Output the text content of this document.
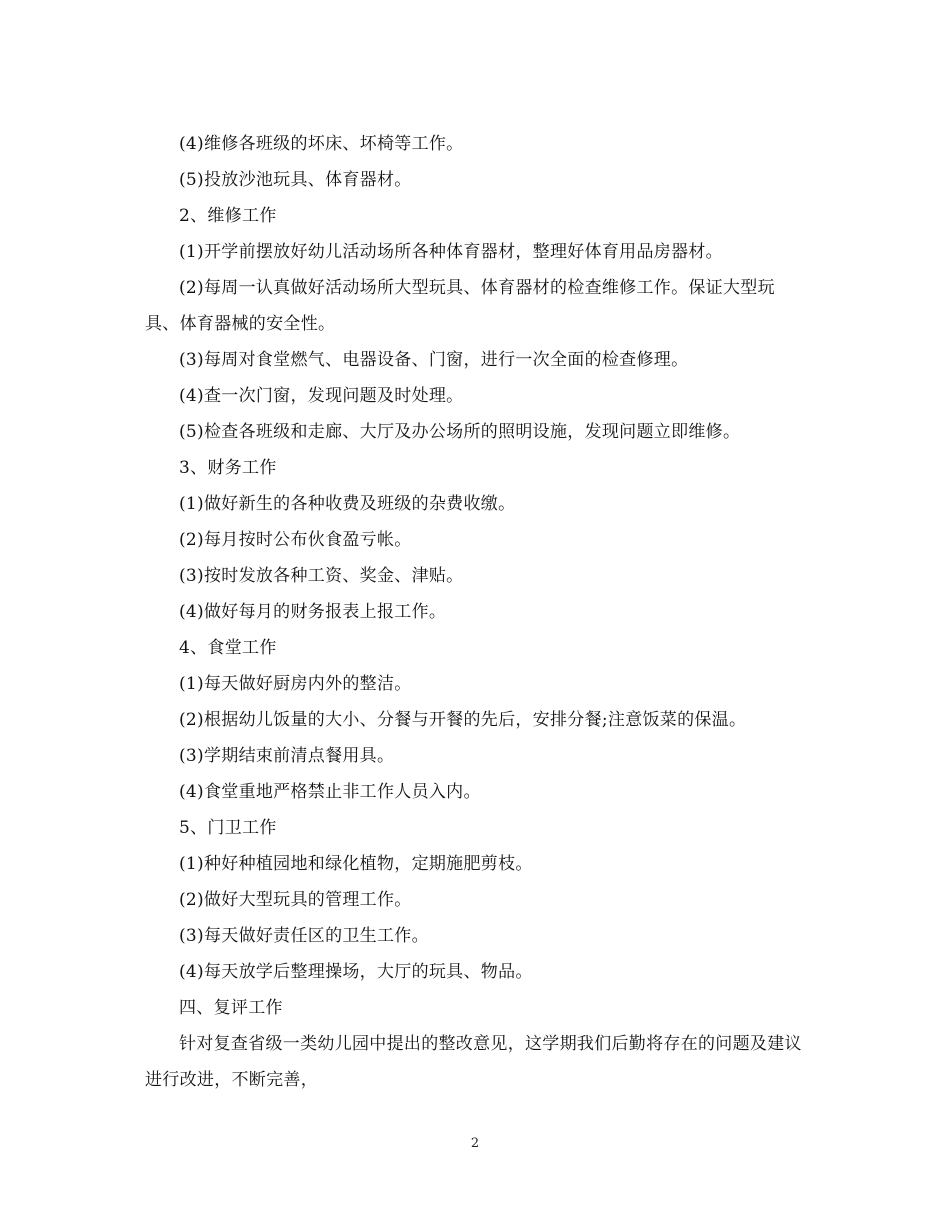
(4)维修各班级的坏床、坏椅等工作。

(5)投放沙池玩具、体育器材。

2、维修工作

(1)开学前摆放好幼儿活动场所各种体育器材，整理好体育用品房器材。

(2)每周一认真做好活动场所大型玩具、体育器材的检查维修工作。保证大型玩具、体育器械的安全性。

(3)每周对食堂燃气、电器设备、门窗，进行一次全面的检查修理。

(4)查一次门窗，发现问题及时处理。

(5)检查各班级和走廊、大厅及办公场所的照明设施，发现问题立即维修。

3、财务工作

(1)做好新生的各种收费及班级的杂费收缴。

(2)每月按时公布伙食盈亏帐。

(3)按时发放各种工资、奖金、津贴。

(4)做好每月的财务报表上报工作。

4、食堂工作

(1)每天做好厨房内外的整洁。

(2)根据幼儿饭量的大小、分餐与开餐的先后，安排分餐;注意饭菜的保温。

(3)学期结束前清点餐用具。

(4)食堂重地严格禁止非工作人员入内。

5、门卫工作

(1)种好种植园地和绿化植物，定期施肥剪枝。

(2)做好大型玩具的管理工作。

(3)每天做好责任区的卫生工作。

(4)每天放学后整理操场，大厅的玩具、物品。

四、复评工作

针对复查省级一类幼儿园中提出的整改意见，这学期我们后勤将存在的问题及建议进行改进，不断完善，

2
